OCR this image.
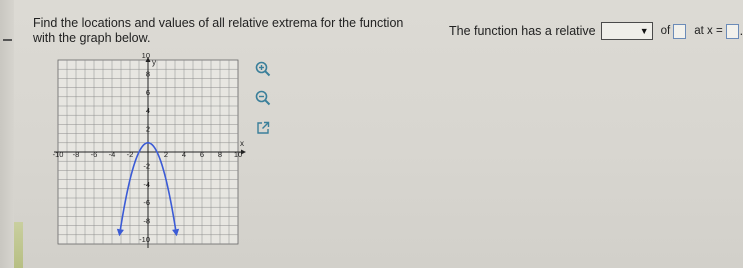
Find the locations and values of all relative extrema for the function with the graph below.	The function has a relative	▼ of at x = .
-10 -8 -6 -4 -2	2 4 6 8 10
10
8
6
4
2
-2
-4
-6
-8
-10
y
x
